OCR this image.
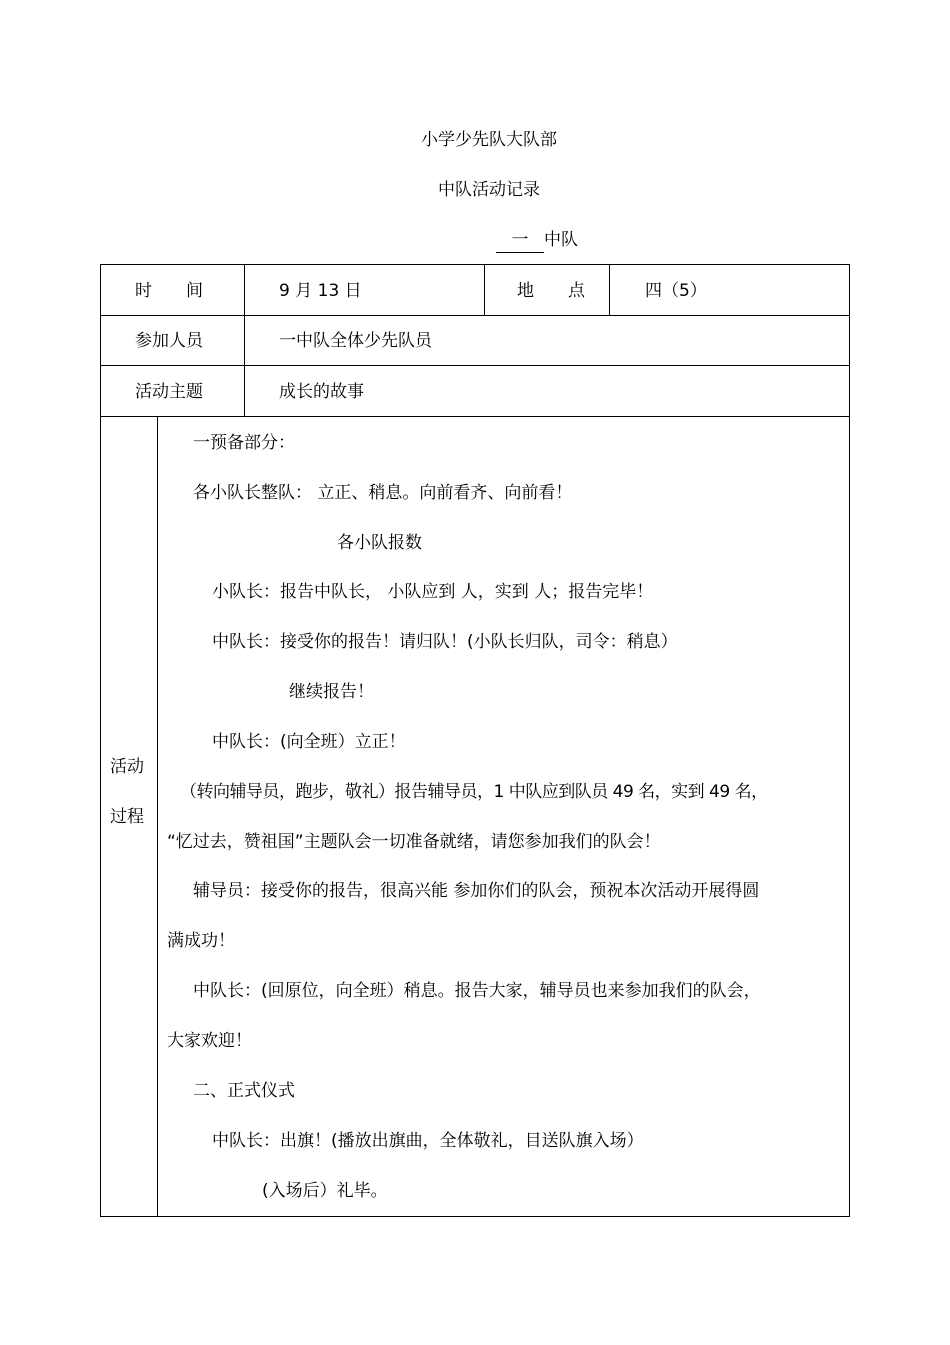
小学少先队大队部
中队活动记录
一 中队
时　　间	9 月 13 日	地　　点	四（5）
参加人员	一中队全体少先队员
活动主题	成长的故事
活动
过程
一预备部分：
各小队长整队： 立正、稍息。向前看齐、向前看！
各小队报数
小队长：报告中队长， 小队应到 人，实到 人；报告完毕！
中队长：接受你的报告！请归队！(小队长归队，司令：稍息）
继续报告！
中队长：(向全班）立正！
（转向辅导员，跑步，敬礼）报告辅导员，1 中队应到队员 49 名，实到 49 名，
“忆过去，赞祖国”主题队会一切准备就绪，请您参加我们的队会！
辅导员：接受你的报告，很高兴能 参加你们的队会，预祝本次活动开展得圆
满成功！
中队长：(回原位，向全班）稍息。报告大家，辅导员也来参加我们的队会，
大家欢迎！
二、正式仪式
中队长：出旗！(播放出旗曲，全体敬礼，目送队旗入场）
(入场后）礼毕。
